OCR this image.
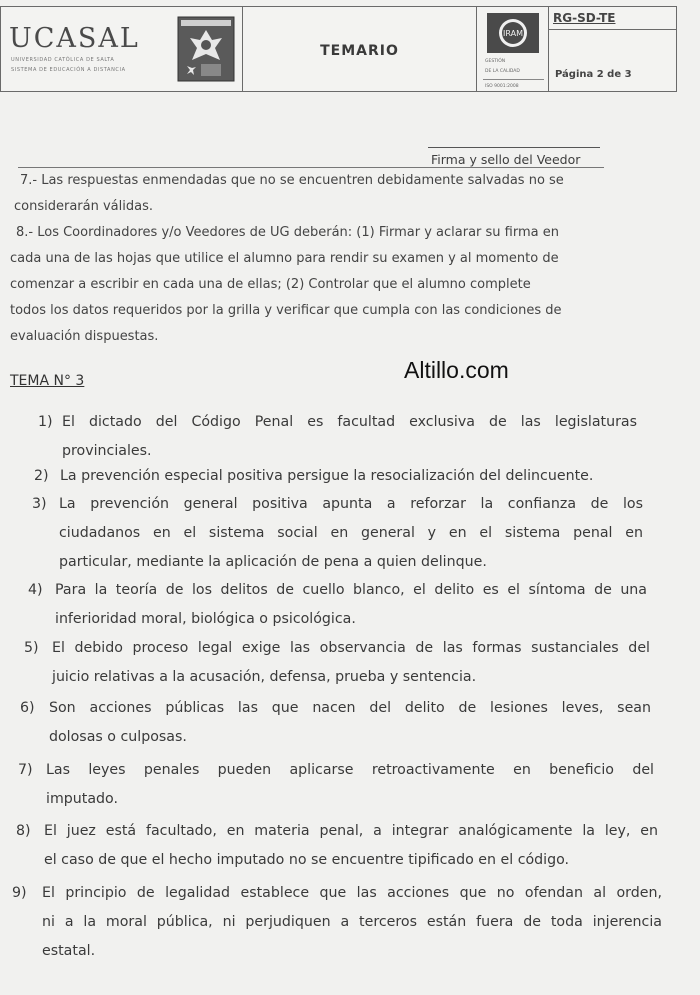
UCASAL
UNIVERSIDAD CATÓLICA DE SALTA
SISTEMA DE EDUCACIÓN A DISTANCIA
TEMARIO
IRAM
GESTIÓN
DE LA CALIDAD
ISO 9001:2008
RG-SD-TE
Página 2 de 3
Firma y sello del Veedor
7.- Las respuestas enmendadas que no se encuentren debidamente salvadas no se
considerarán válidas.
8.- Los Coordinadores y/o Veedores de UG deberán: (1) Firmar y aclarar su firma en
cada una de las hojas que utilice el alumno para rendir su examen y al momento de
comenzar a escribir en cada una de ellas; (2) Controlar que el alumno complete
todos los datos requeridos por la grilla y verificar que cumpla con las condiciones de
evaluación dispuestas.
Altillo.com
TEMA N° 3
1) El dictado del Código Penal es facultad exclusiva de las legislaturas
provinciales.
2) La prevención especial positiva persigue la resocialización del delincuente.
3) La prevención general positiva apunta a reforzar la confianza de los
ciudadanos en el sistema social en general y en el sistema penal en
particular, mediante la aplicación de pena a quien delinque.
4) Para la teoría de los delitos de cuello blanco, el delito es el síntoma de una
inferioridad moral, biológica o psicológica.
5) El debido proceso legal exige las observancia de las formas sustanciales del
juicio relativas a la acusación, defensa, prueba y sentencia.
6) Son acciones públicas las que nacen del delito de lesiones leves, sean
dolosas o culposas.
7) Las leyes penales pueden aplicarse retroactivamente en beneficio del
imputado.
8) El juez está facultado, en materia penal, a integrar analógicamente la ley, en
el caso de que el hecho imputado no se encuentre tipificado en el código.
9) El principio de legalidad establece que las acciones que no ofendan al orden,
ni a la moral pública, ni perjudiquen a terceros están fuera de toda injerencia
estatal.
